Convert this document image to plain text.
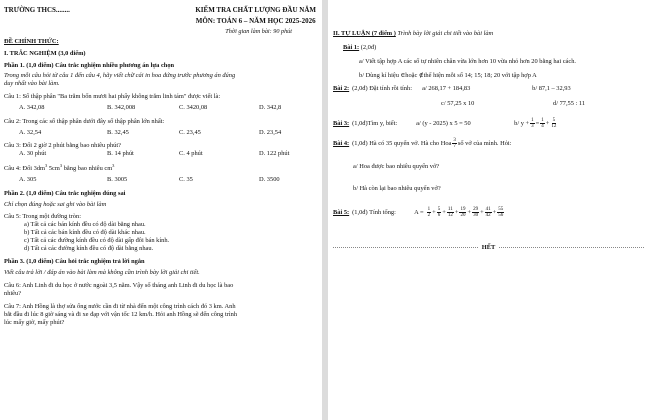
TRƯỜNG THCS........	KIỂM TRA CHẤT LƯỢNG ĐẦU NĂM
MÔN: TOÁN 6 – NĂM HỌC 2025-2026
Thời gian làm bài: 90 phút
ĐỀ CHÍNH THỨC:
I. TRẮC NGHIỆM (3,0 điểm)
Phần 1. (1,0 điểm) Câu trắc nghiệm nhiều phương án lựa chọn
Trong mỗi câu hỏi từ câu 1 đến câu 4, hãy viết chữ cái in hoa đứng trước phương án đúng
duy nhất vào bài làm.
Câu 1: Số thập phân "Ba trăm bốn mươi hai phẩy không trăm linh tám" được viết là:
A. 342,08	B. 342,008	C. 3420,08	D. 342,8
Câu 2: Trong các số thập phân dưới đây số thập phân lớn nhất:
A. 32,54	B. 32,45	C. 23,45	D. 23,54
Câu 3: Đổi 2 giờ 2 phút bằng bao nhiêu phút?
A. 30 phút	B. 14 phút	C. 4 phút	D. 122 phút
Câu 4: Đổi $3dm^3$ $5cm^3$ bằng bao nhiêu $cm^3$
A. 305	B. 3005	C. 35	D. 3500
Phần 2. (1,0 điểm) Câu trắc nghiệm đúng sai
Chỉ chọn đúng hoặc sai ghi vào bài làm
Câu 5: Trong một đường tròn:
a) Tất cả các bán kính đều có độ dài bằng nhau.
b) Tất cả các bán kính đều có độ dài khác nhau.
c) Tất cả các đường kính đều có độ dài gấp đôi bán kính.
d) Tất cả các đường kính đều có độ dài bằng nhau.
Phần 3. (1,0 điểm) Câu hỏi trắc nghiệm trả lời ngắn
Viết câu trả lời / đáp án vào bài làm mà không cần trình bày lời giải chi tiết.
Câu 6: Anh Linh đi du học ở nước ngoài 3,5 năm. Vậy số tháng anh Linh đi du học là bao
nhiêu?
Câu 7: Anh Hồng là thợ sửa ống nước cần đi từ nhà đến một công trình cách đó 3 km. Anh
bắt đầu đi lúc 8 giờ sáng và đi xe đạp với vận tốc 12 km/h. Hỏi anh Hồng sẽ đến công trình
lúc mấy giờ, mấy phút?
II. TỰ LUẬN (7 điểm ) Trình bày lời giải chi tiết vào bài làm
Bài 1: (2,0đ)
a/ Viết tập hợp A các số tự nhiên chẵn vừa lớn hơn 10 vừa nhỏ hơn 20 bằng hai cách.
b/ Dùng kí hiệu ∈hoặc ∉thể hiện mỗi số 14; 15; 18; 20 với tập hợp A
Bài 2: (2,0đ) Đặt tính rồi tính:	a/ 268,17 + 184,83	b/ 87,1 – 32,93
c/ 57,25 x 10	d/ 77,55 : 11
Bài 3: (1,0đ)Tìm y, biết:	a/ (y - 2025) x 5 = 50	b/ $y + \frac{1}{3} = \frac{1}{4} + \frac{5}{12}$
Bài 4: (1,0đ) Hà có 35 quyển vở. Hà cho Hoa $\frac{3}{7}$ số vở của mình. Hỏi:
a/ Hoa được bao nhiêu quyển vở?
b/ Hà còn lại bao nhiêu quyển vở?
Bài 5: (1,0đ) Tính tổng:	$A = \frac{1}{2} + \frac{5}{6} + \frac{11}{12} + \frac{19}{20} + \frac{29}{30} + \frac{41}{42} + \frac{55}{56}$
HẾT
